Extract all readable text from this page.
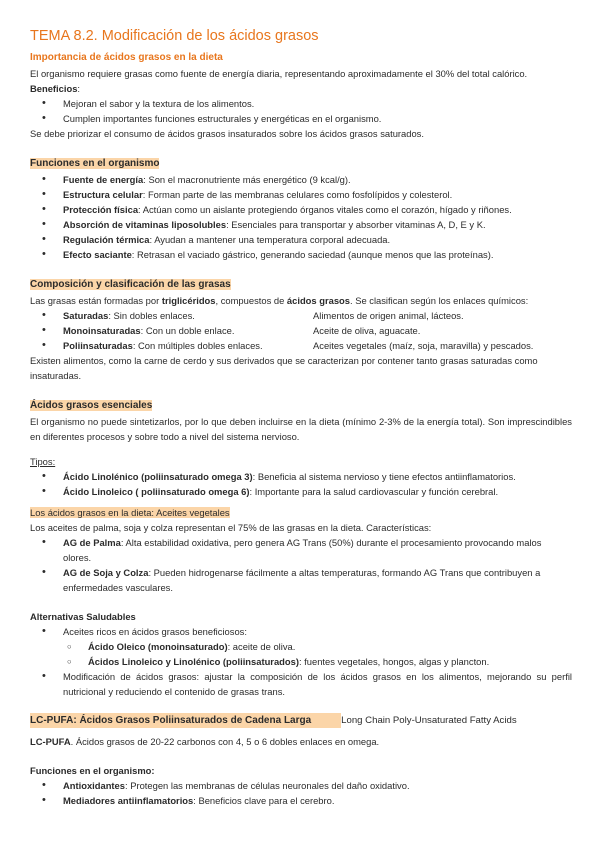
TEMA 8.2. Modificación de los ácidos grasos

Importancia de ácidos grasos en la dieta

El organismo requiere grasas como fuente de energía diaria, representando aproximadamente el 30% del total calórico.

Beneficios:

• Mejoran el sabor y la textura de los alimentos.
• Cumplen importantes funciones estructurales y energéticas en el organismo.

Se debe priorizar el consumo de ácidos grasos insaturados sobre los ácidos grasos saturados.

Funciones en el organismo

• Fuente de energía: Son el macronutriente más energético (9 kcal/g).
• Estructura celular: Forman parte de las membranas celulares como fosfolípidos y colesterol.
• Protección física: Actúan como un aislante protegiendo órganos vitales como el corazón, hígado y riñones.
• Absorción de vitaminas liposolubles: Esenciales para transportar y absorber vitaminas A, D, E y K.
• Regulación térmica: Ayudan a mantener una temperatura corporal adecuada.
• Efecto saciante: Retrasan el vaciado gástrico, generando saciedad (aunque menos que las proteínas).

Composición y clasificación de las grasas

Las grasas están formadas por triglicéridos, compuestos de ácidos grasos. Se clasifican según los enlaces químicos:

• Saturadas: Sin dobles enlaces.	Alimentos de origen animal, lácteos.
• Monoinsaturadas: Con un doble enlace.	Aceite de oliva, aguacate.
• Poliinsaturadas: Con múltiples dobles enlaces.	Aceites vegetales (maíz, soja, maravilla) y pescados.

Existen alimentos, como la carne de cerdo y sus derivados que se caracterizan por contener tanto grasas saturadas como insaturadas.

Ácidos grasos esenciales

El organismo no puede sintetizarlos, por lo que deben incluirse en la dieta (mínimo 2-3% de la energía total). Son imprescindibles en diferentes procesos y sobre todo a nivel del sistema nervioso.

Tipos:

• Ácido Linolénico (poliinsaturado omega 3): Beneficia al sistema nervioso y tiene efectos antiinflamatorios.
• Ácido Linoleico ( poliinsaturado omega 6): Importante para la salud cardiovascular y función cerebral.

Los ácidos grasos en la dieta: Aceites vegetales

Los aceites de palma, soja y colza representan el 75% de las grasas en la dieta. Características:

• AG de Palma: Alta estabilidad oxidativa, pero genera AG Trans (50%) durante el procesamiento provocando malos olores.
• AG de Soja y Colza: Pueden hidrogenarse fácilmente a altas temperaturas, formando AG Trans que contribuyen a enfermedades vasculares.

Alternativas Saludables

• Aceites ricos en ácidos grasos beneficiosos:
○ Ácido Oleico (monoinsaturado): aceite de oliva.
○ Ácidos Linoleico y Linolénico (poliinsaturados): fuentes vegetales, hongos, algas y plancton.
• Modificación de ácidos grasos: ajustar la composición de los ácidos grasos en los alimentos, mejorando su perfil nutricional y reduciendo el contenido de grasas trans.
LC-PUFA: Ácidos Grasos Poliinsaturados de Cadena Larga	Long Chain Poly-Unsaturated Fatty Acids

LC-PUFA. Ácidos grasos de 20-22 carbonos con 4, 5 o 6 dobles enlaces en omega.

Funciones en el organismo:

• Antioxidantes: Protegen las membranas de células neuronales del daño oxidativo.
• Mediadores antiinflamatorios: Beneficios clave para el cerebro.
